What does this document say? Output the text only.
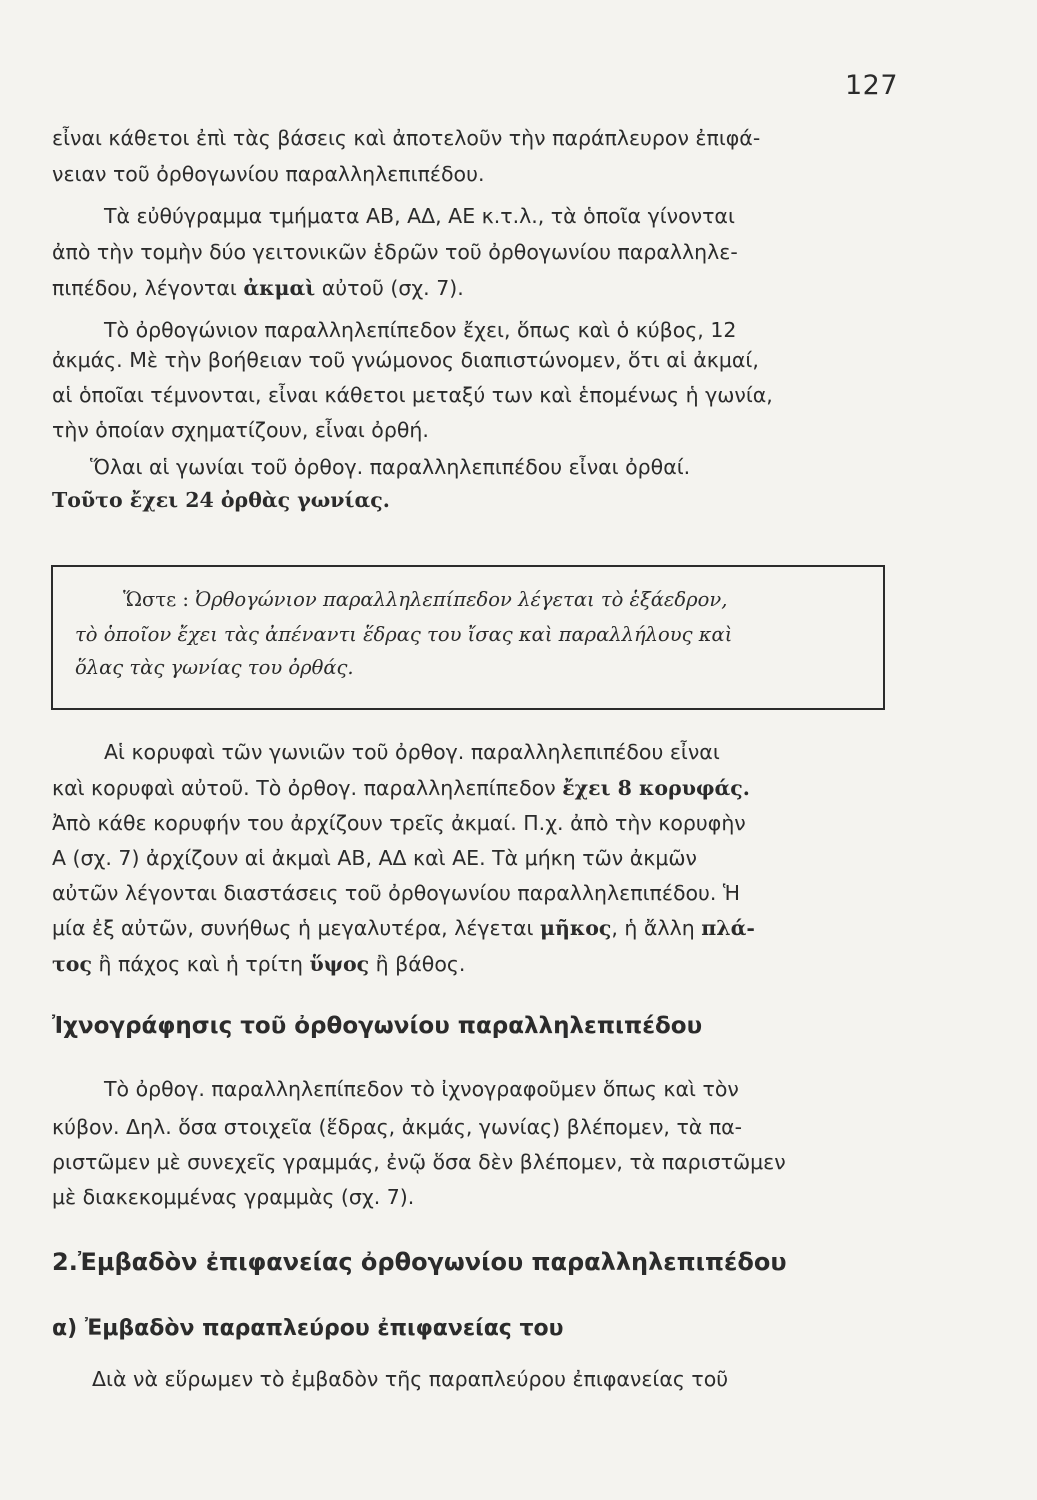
127
εἶναι κάθετοι ἐπὶ τὰς βάσεις καὶ ἀποτελοῦν τὴν παράπλευρον ἐπιφά-
νειαν τοῦ ὀρθογωνίου παραλληλεπιπέδου.
Τὰ εὐθύγραμμα τμήματα ΑΒ, ΑΔ, ΑΕ κ.τ.λ., τὰ ὁποῖα γίνονται
ἀπὸ τὴν τομὴν δύο γειτονικῶν ἑδρῶν τοῦ ὀρθογωνίου παραλληλε-
πιπέδου, λέγονται ἀκμαὶ αὐτοῦ (σχ. 7).
Τὸ ὀρθογώνιον παραλληλεπίπεδον ἔχει, ὅπως καὶ ὁ κύβος, 12
ἀκμάς. Μὲ τὴν βοήθειαν τοῦ γνώμονος διαπιστώνομεν, ὅτι αἱ ἀκμαί,
αἱ ὁποῖαι τέμνονται, εἶναι κάθετοι μεταξύ των καὶ ἑπομένως ἡ γωνία,
τὴν ὁποίαν σχηματίζουν, εἶναι ὀρθή.
Ὅλαι αἱ γωνίαι τοῦ ὀρθογ. παραλληλεπιπέδου εἶναι ὀρθαί.
Τοῦτο ἔχει 24 ὀρθὰς γωνίας.
Ὥστε : Ὀρθογώνιον παραλληλεπίπεδον λέγεται τὸ ἑξάεδρον,
τὸ ὁποῖον ἔχει τὰς ἀπέναντι ἕδρας του ἴσας καὶ παραλλήλους καὶ
ὅλας τὰς γωνίας του ὀρθάς.
Αἱ κορυφαὶ τῶν γωνιῶν τοῦ ὀρθογ. παραλληλεπιπέδου εἶναι
καὶ κορυφαὶ αὐτοῦ. Τὸ ὀρθογ. παραλληλεπίπεδον ἔχει 8 κορυφάς.
Ἀπὸ κάθε κορυφήν του ἀρχίζουν τρεῖς ἀκμαί. Π.χ. ἀπὸ τὴν κορυφὴν
Α (σχ. 7) ἀρχίζουν αἱ ἀκμαὶ ΑΒ, ΑΔ καὶ ΑΕ. Τὰ μήκη τῶν ἀκμῶν
αὐτῶν λέγονται διαστάσεις τοῦ ὀρθογωνίου παραλληλεπιπέδου. Ἡ
μία ἐξ αὐτῶν, συνήθως ἡ μεγαλυτέρα, λέγεται μῆκος, ἡ ἄλλη πλά-
τος ἢ πάχος καὶ ἡ τρίτη ὕψος ἢ βάθος.
Ἰχνογράφησις τοῦ ὀρθογωνίου παραλληλεπιπέδου
Τὸ ὀρθογ. παραλληλεπίπεδον τὸ ἰχνογραφοῦμεν ὅπως καὶ τὸν
κύβον. Δηλ. ὅσα στοιχεῖα (ἕδρας, ἀκμάς, γωνίας) βλέπομεν, τὰ πα-
ριστῶμεν μὲ συνεχεῖς γραμμάς, ἐνῷ ὅσα δὲν βλέπομεν, τὰ παριστῶμεν
μὲ διακεκομμένας γραμμὰς (σχ. 7).
2.Ἐμβαδὸν ἐπιφανείας ὀρθογωνίου παραλληλεπιπέδου
α) Ἐμβαδὸν παραπλεύρου ἐπιφανείας του
Διὰ νὰ εὕρωμεν τὸ ἐμβαδὸν τῆς παραπλεύρου ἐπιφανείας τοῦ
